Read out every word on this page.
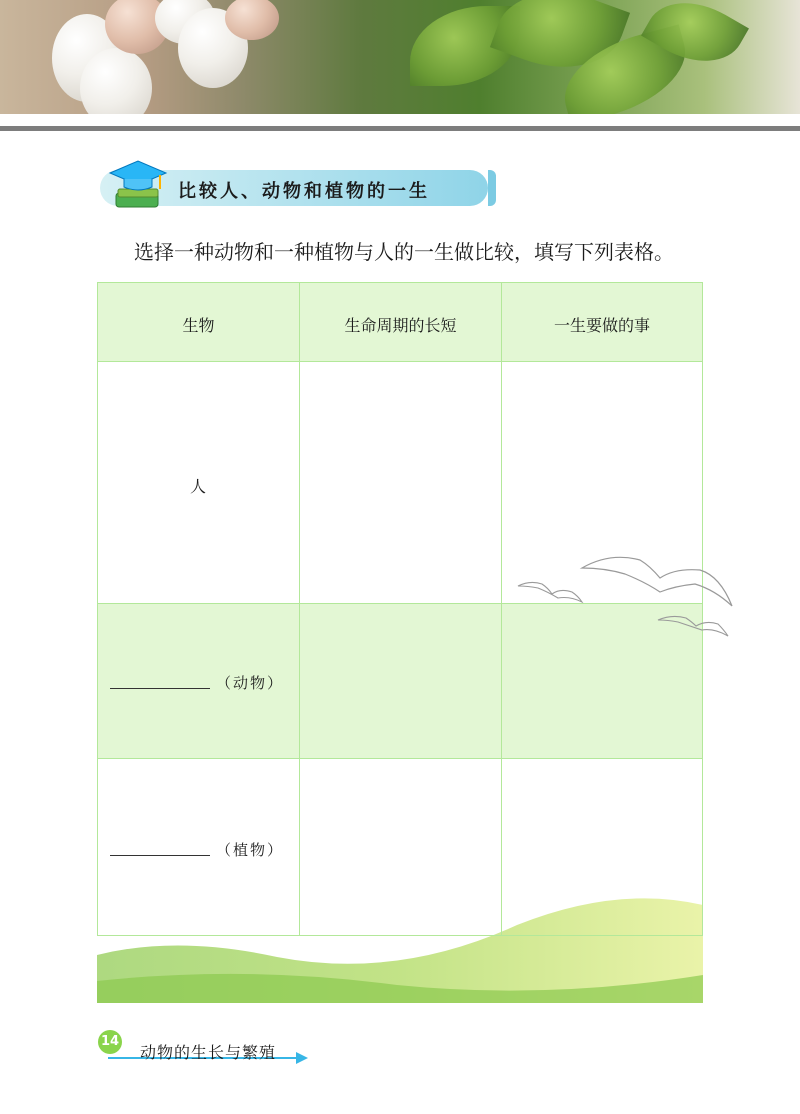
比较人、动物和植物的一生
选择一种动物和一种植物与人的一生做比较，填写下列表格。
生物	生命周期的长短	一生要做的事
人
（动物）
（植物）
14
动物的生长与繁殖
